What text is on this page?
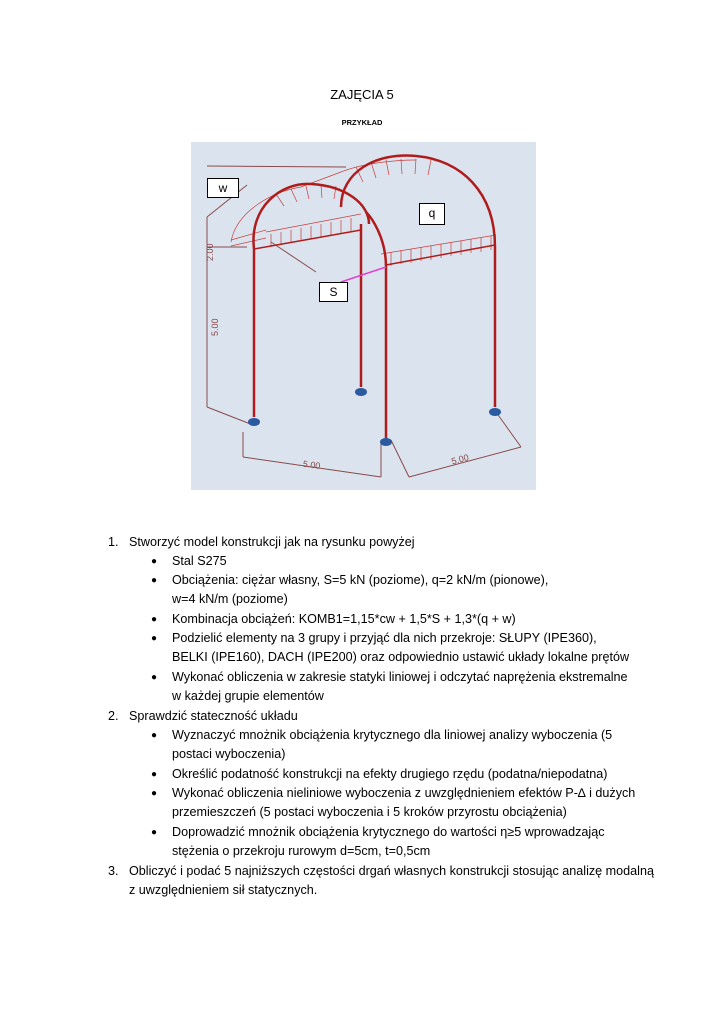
ZAJĘCIA 5
PRZYKŁAD
2.00
5.00
5.00	5.00
w
q
S
1. Stworzyć model konstrukcji jak na rysunku powyżej
● Stal S275
● Obciążenia: ciężar własny, S=5 kN (poziome), q=2 kN/m (pionowe),
w=4 kN/m (poziome)
● Kombinacja obciążeń: KOMB1=1,15*cw + 1,5*S + 1,3*(q + w)
● Podzielić elementy na 3 grupy i przyjąć dla nich przekroje: SŁUPY (IPE360),
BELKI (IPE160), DACH (IPE200) oraz odpowiednio ustawić układy lokalne prętów
● Wykonać obliczenia w zakresie statyki liniowej i odczytać naprężenia ekstremalne
w każdej grupie elementów
2. Sprawdzić stateczność układu
● Wyznaczyć mnożnik obciążenia krytycznego dla liniowej analizy wyboczenia (5
postaci wyboczenia)
● Określić podatność konstrukcji na efekty drugiego rzędu (podatna/niepodatna)
● Wykonać obliczenia nieliniowe wyboczenia z uwzględnieniem efektów P-∆ i dużych
przemieszczeń (5 postaci wyboczenia i 5 kroków przyrostu obciążenia)
● Doprowadzić mnożnik obciążenia krytycznego do wartości η≥5 wprowadzając
stężenia o przekroju rurowym d=5cm, t=0,5cm
3. Obliczyć i podać 5 najniższych częstości drgań własnych konstrukcji stosując analizę modalną
z uwzględnieniem sił statycznych.
